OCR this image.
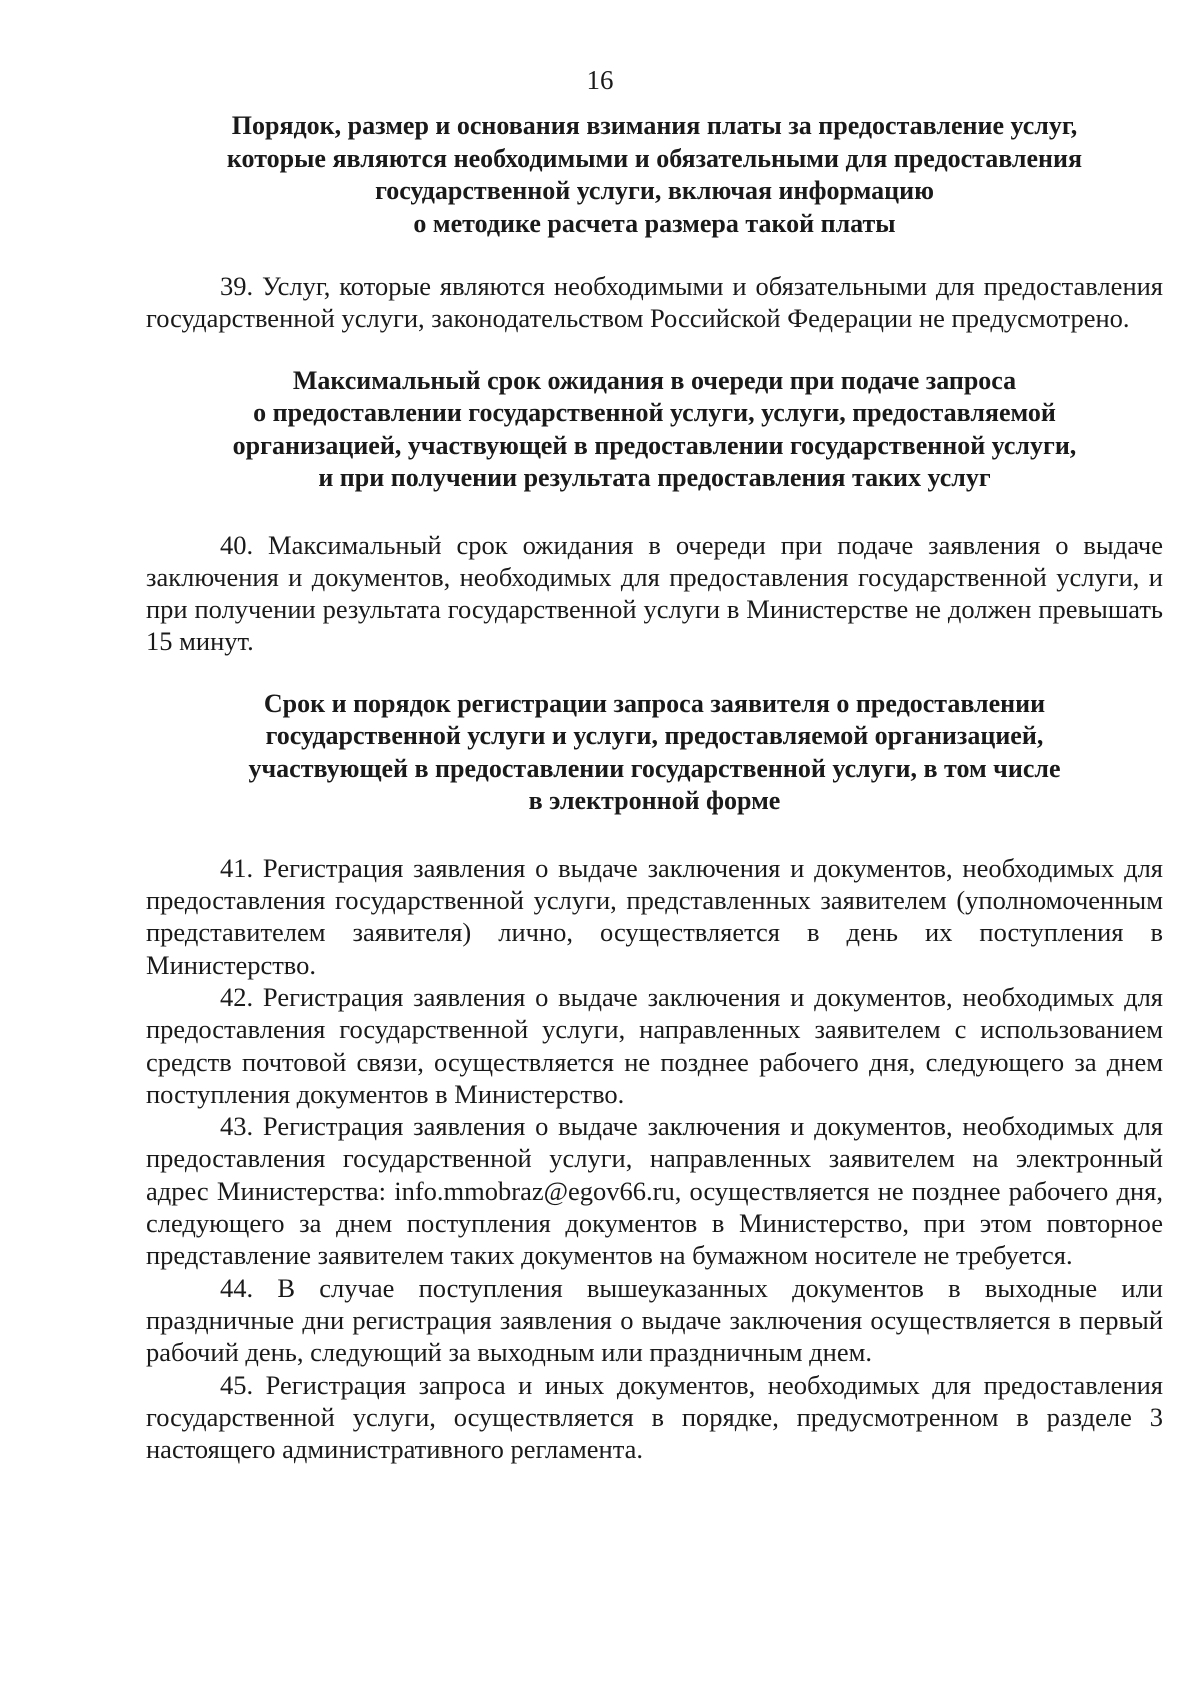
16
Порядок, размер и основания взимания платы за предоставление услуг,
которые являются необходимыми и обязательными для предоставления
государственной услуги, включая информацию
о методике расчета размера такой платы

39. Услуг, которые являются необходимыми и обязательными для предоставления государственной услуги, законодательством Российской Федерации не предусмотрено.

Максимальный срок ожидания в очереди при подаче запроса
о предоставлении государственной услуги, услуги, предоставляемой
организацией, участвующей в предоставлении государственной услуги,
и при получении результата предоставления таких услуг

40. Максимальный срок ожидания в очереди при подаче заявления о выдаче заключения и документов, необходимых для предоставления государственной услуги, и при получении результата государственной услуги в Министерстве не должен превышать 15 минут.

Срок и порядок регистрации запроса заявителя о предоставлении
государственной услуги и услуги, предоставляемой организацией,
участвующей в предоставлении государственной услуги, в том числе
в электронной форме

41. Регистрация заявления о выдаче заключения и документов, необходимых для предоставления государственной услуги, представленных заявителем (уполномоченным представителем заявителя) лично, осуществляется в день их поступления в Министерство.

42. Регистрация заявления о выдаче заключения и документов, необходимых для предоставления государственной услуги, направленных заявителем с использованием средств почтовой связи, осуществляется не позднее рабочего дня, следующего за днем поступления документов в Министерство.

43. Регистрация заявления о выдаче заключения и документов, необходимых для предоставления государственной услуги, направленных заявителем на электронный адрес Министерства: info.mmobraz@egov66.ru, осуществляется не позднее рабочего дня, следующего за днем поступления документов в Министерство, при этом повторное представление заявителем таких документов на бумажном носителе не требуется.

44. В случае поступления вышеуказанных документов в выходные или праздничные дни регистрация заявления о выдаче заключения осуществляется в первый рабочий день, следующий за выходным или праздничным днем.

45. Регистрация запроса и иных документов, необходимых для предоставления государственной услуги, осуществляется в порядке, предусмотренном в разделе 3 настоящего административного регламента.
